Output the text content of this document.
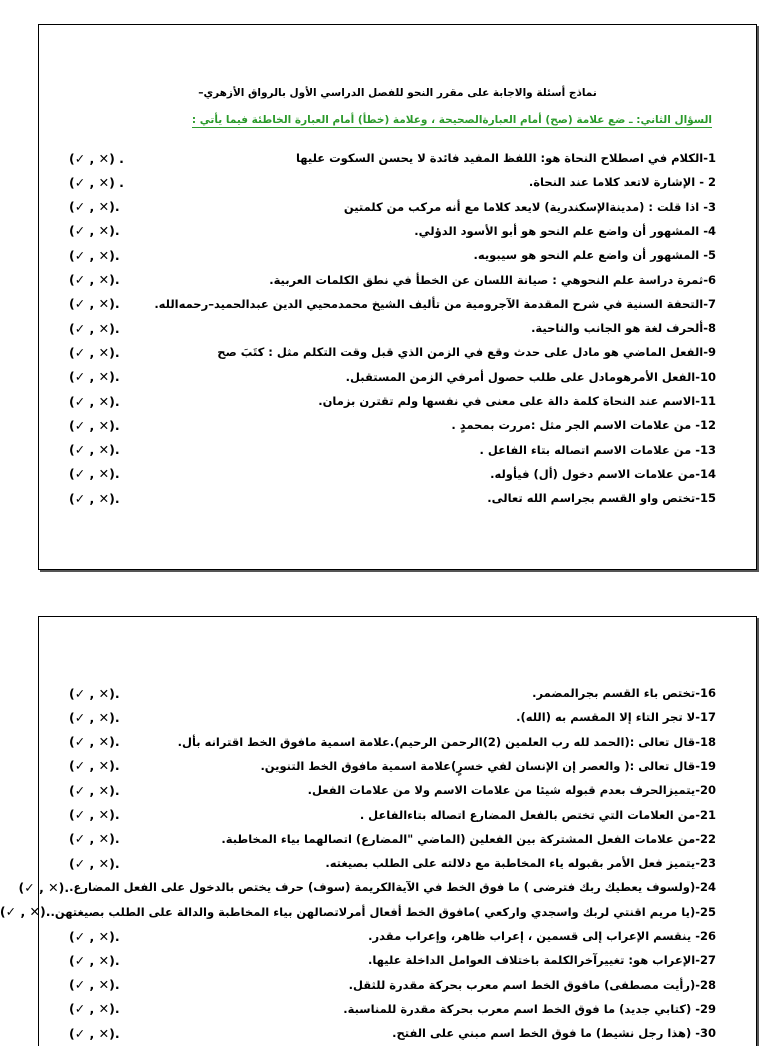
نماذج أسئلة والاجابة على مقرر النحو للفصل الدراسي الأول بالرواق الأزهري–
السؤال الثاني: ـ ضع علامة (صح) أمام العبارةالصحيحة ، وعلامة (خطأ) أمام العبارة الخاطئة فيما يأتي :
1-الكلام في اصطلاح النحاة هو: اللفظ المفيد فائدة لا يحسن السكوت عليها
(✓ , ✕) .
2 - الإشارة لاتعد كلاما عند النحاة.
(✓ , ✕) .
3- اذا قلت : (مدينةالإسكندرية) لايعد كلاما مع أنه مركب من كلمتين
(✓ , ✕).
4- المشهور أن واضع علم النحو هو أبو الأسود الدؤلي.
(✓ , ✕).
5- المشهور أن واضع علم النحو هو سيبويه.
(✓ , ✕).
6-ثمرة دراسة علم النحوهي : صيانة اللسان عن الخطأ في نطق الكلمات العربية.
(✓ , ✕).
7-التحفة السنية في شرح المقدمة الآجرومية من تأليف الشيخ محمدمحيي الدين عبدالحميد–رحمه‌الله.
(✓ , ✕).
8-ألحرف لغة هو الجانب والناحية.
(✓ , ✕).
9-الفعل الماضي هو مادل على حدث وقع في الزمن الذي قبل وقت التكلم مثل : كتَبَ صح
(✓ , ✕).
10-الفعل الأمرهومادل على طلب حصول أمرفي الزمن المستقبل.
(✓ , ✕).
11-الاسم عند النحاة كلمة دالة على معنى في نفسها ولم تقترن بزمان.
(✓ , ✕).
12- من علامات الاسم الجر مثل :مررت بمحمدٍ .
(✓ , ✕).
13- من علامات الاسم اتصاله بتاء الفاعل .
(✓ , ✕).
14-من علامات الاسم دخول (أل) فيأوله.
(✓ , ✕).
15-تختص واو القسم بجراسم الله تعالى.
(✓ , ✕).
16-تختص باء القسم بجرالمضمر.
(✓ , ✕).
17-لا تجر التاء إلا المقسم به (الله).
(✓ , ✕).
18-قال تعالى :(الحمد لله رب العلمين (2)الرحمن الرحيم).علامة اسمية مافوق الخط اقترانه بأل.
(✓ , ✕).
19-قال تعالى :( والعصر إن الإنسان لفي خسرٍ)علامة اسمية مافوق الخط التنوين.
(✓ , ✕).
20-يتميزالحرف بعدم قبوله شيئا من علامات الاسم ولا من علامات الفعل.
(✓ , ✕).
21-من العلامات التي تختص بالفعل المضارع اتصاله بتاءالفاعل .
(✓ , ✕).
22-من علامات الفعل المشتركة بين الفعلين (الماضي "المضارع) اتصالهما بياء المخاطبة.
(✓ , ✕).
23-يتميز فعل الأمر بقبوله ياء المخاطبة مع دلالته على الطلب بصيغته.
(✓ , ✕).
24-(ولسوف يعطيك ربك فترضى ) ما فوق الخط في الآيةالكريمة (سوف) حرف يختص بالدخول على الفعل المضارع.
(✓ , ✕).
25-(يا مريم اقنتي لربك واسجدي واركعي )مافوق الخط أفعال أمرلاتصالهن بياء المخاطبة والدالة على الطلب بصيغتهن.
(✓ , ✕).
26- ينقسم الإعراب إلى قسمين ، إعراب ظاهر، وإعراب مقدر.
(✓ , ✕).
27-الإعراب هو: تغييرآخرالكلمة باختلاف العوامل الداخلة عليها.
(✓ , ✕).
28-(رأيت مصطفى) مافوق الخط اسم معرب بحركة مقدرة للثقل.
(✓ , ✕).
29- (كتابي جديد) ما فوق الخط اسم معرب بحركة مقدرة للمناسبة.
(✓ , ✕).
30- (هذا رجل نشيط) ما فوق الخط اسم مبني على الفتح.
(✓ , ✕).
